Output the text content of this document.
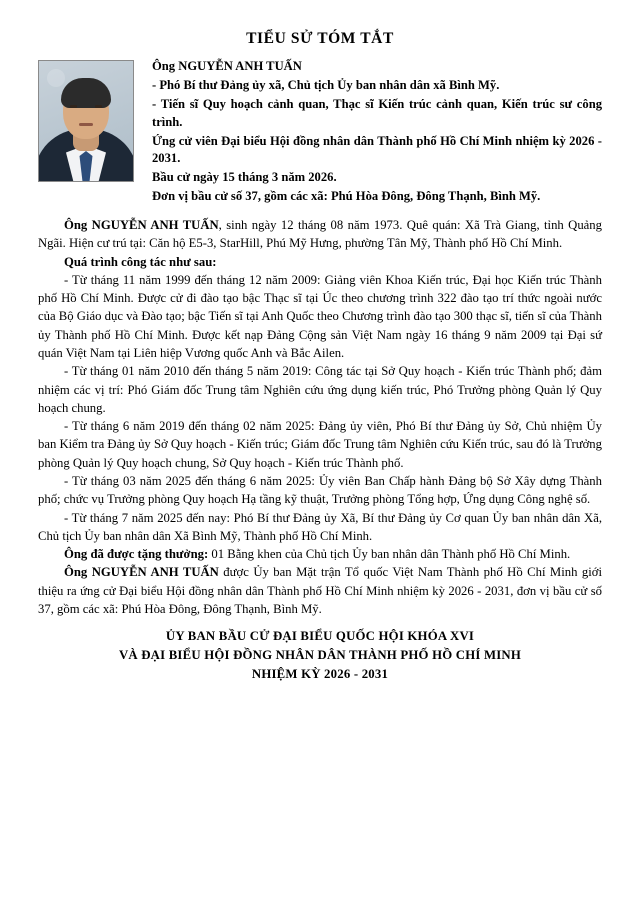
TIỂU SỬ TÓM TẮT

Ông NGUYỄN ANH TUẤN

- Phó Bí thư Đảng ủy xã, Chủ tịch Ủy ban nhân dân xã Bình Mỹ.

- Tiến sĩ Quy hoạch cảnh quan, Thạc sĩ Kiến trúc cảnh quan, Kiến trúc sư công trình.

Ứng cử viên Đại biểu Hội đồng nhân dân Thành phố Hồ Chí Minh nhiệm kỳ 2026 - 2031.

Bầu cử ngày 15 tháng 3 năm 2026.

Đơn vị bầu cử số 37, gồm các xã: Phú Hòa Đông, Đông Thạnh, Bình Mỹ.

Ông NGUYỄN ANH TUẤN, sinh ngày 12 tháng 08 năm 1973. Quê quán: Xã Trà Giang, tỉnh Quảng Ngãi. Hiện cư trú tại: Căn hộ E5-3, StarHill, Phú Mỹ Hưng, phường Tân Mỹ, Thành phố Hồ Chí Minh.

Quá trình công tác như sau:

- Từ tháng 11 năm 1999 đến tháng 12 năm 2009: Giảng viên Khoa Kiến trúc, Đại học Kiến trúc Thành phố Hồ Chí Minh. Được cử đi đào tạo bậc Thạc sĩ tại Úc theo chương trình 322 đào tạo trí thức ngoài nước của Bộ Giáo dục và Đào tạo; bậc Tiến sĩ tại Anh Quốc theo Chương trình đào tạo 300 thạc sĩ, tiến sĩ của Thành ủy Thành phố Hồ Chí Minh. Được kết nạp Đảng Cộng sản Việt Nam ngày 16 tháng 9 năm 2009 tại Đại sứ quán Việt Nam tại Liên hiệp Vương quốc Anh và Bắc Ailen.

- Từ tháng 01 năm 2010 đến tháng 5 năm 2019: Công tác tại Sở Quy hoạch - Kiến trúc Thành phố; đảm nhiệm các vị trí: Phó Giám đốc Trung tâm Nghiên cứu ứng dụng kiến trúc, Phó Trưởng phòng Quản lý Quy hoạch chung.

- Từ tháng 6 năm 2019 đến tháng 02 năm 2025: Đảng ủy viên, Phó Bí thư Đảng ủy Sở, Chủ nhiệm Ủy ban Kiểm tra Đảng ủy Sở Quy hoạch - Kiến trúc; Giám đốc Trung tâm Nghiên cứu Kiến trúc, sau đó là Trưởng phòng Quản lý Quy hoạch chung, Sở Quy hoạch - Kiến trúc Thành phố.

- Từ tháng 03 năm 2025 đến tháng 6 năm 2025: Ủy viên Ban Chấp hành Đảng bộ Sở Xây dựng Thành phố; chức vụ Trưởng phòng Quy hoạch Hạ tầng kỹ thuật, Trưởng phòng Tổng hợp, Ứng dụng Công nghệ số.

- Từ tháng 7 năm 2025 đến nay: Phó Bí thư Đảng ủy Xã, Bí thư Đảng ủy Cơ quan Ủy ban nhân dân Xã, Chủ tịch Ủy ban nhân dân Xã Bình Mỹ, Thành phố Hồ Chí Minh.

Ông đã được tặng thưởng: 01 Bằng khen của Chủ tịch Ủy ban nhân dân Thành phố Hồ Chí Minh.

Ông NGUYỄN ANH TUẤN được Ủy ban Mặt trận Tổ quốc Việt Nam Thành phố Hồ Chí Minh giới thiệu ra ứng cử Đại biểu Hội đồng nhân dân Thành phố Hồ Chí Minh nhiệm kỳ 2026 - 2031, đơn vị bầu cử số 37, gồm các xã: Phú Hòa Đông, Đông Thạnh, Bình Mỹ.

ỦY BAN BẦU CỬ ĐẠI BIỂU QUỐC HỘI KHÓA XVI
VÀ ĐẠI BIỂU HỘI ĐỒNG NHÂN DÂN THÀNH PHỐ HỒ CHÍ MINH
NHIỆM KỲ 2026 - 2031
